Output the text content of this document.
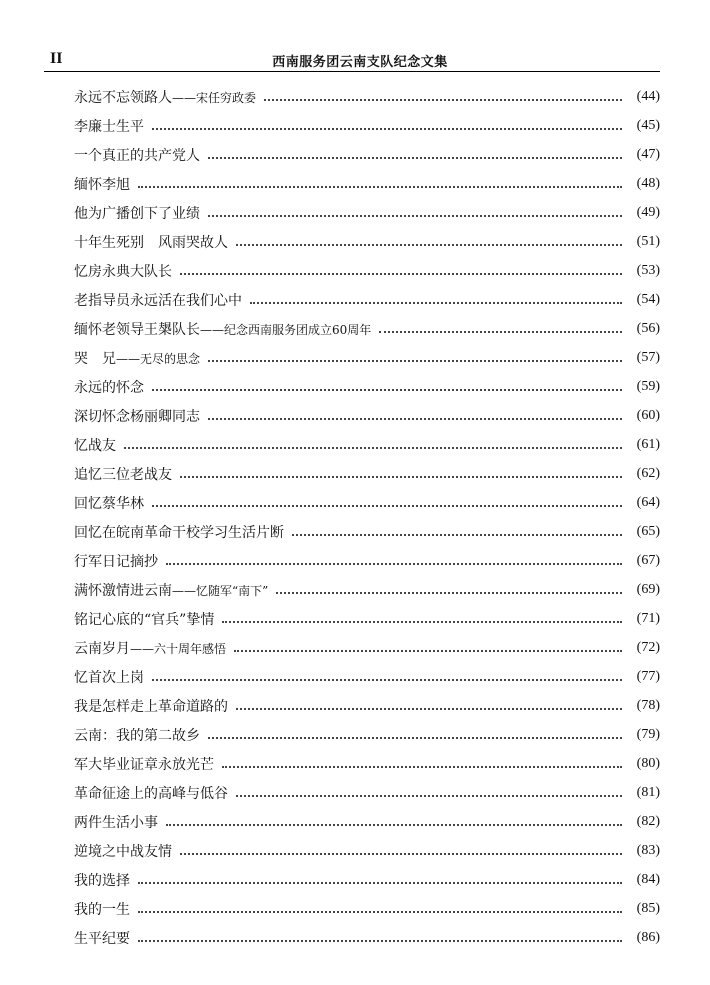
II	西南服务团云南支队纪念文集
永远不忘领路人——宋任穷政委	(44)
李廉士生平	(45)
一个真正的共产党人	(47)
缅怀李旭	(48)
他为广播创下了业绩	(49)
十年生死别　风雨哭故人	(51)
忆房永典大队长	(53)
老指导员永远活在我们心中	(54)
缅怀老领导王槼队长——纪念西南服务团成立60周年	(56)
哭　兄——无尽的思念	(57)
永远的怀念	(59)
深切怀念杨丽卿同志	(60)
忆战友	(61)
追忆三位老战友	(62)
回忆蔡华林	(64)
回忆在皖南革命干校学习生活片断	(65)
行军日记摘抄	(67)
满怀激情进云南——忆随军“南下”	(69)
铭记心底的“官兵”挚情	(71)
云南岁月——六十周年感悟	(72)
忆首次上岗	(77)
我是怎样走上革命道路的	(78)
云南：我的第二故乡	(79)
军大毕业证章永放光芒	(80)
革命征途上的高峰与低谷	(81)
两件生活小事	(82)
逆境之中战友情	(83)
我的选择	(84)
我的一生	(85)
生平纪要	(86)
